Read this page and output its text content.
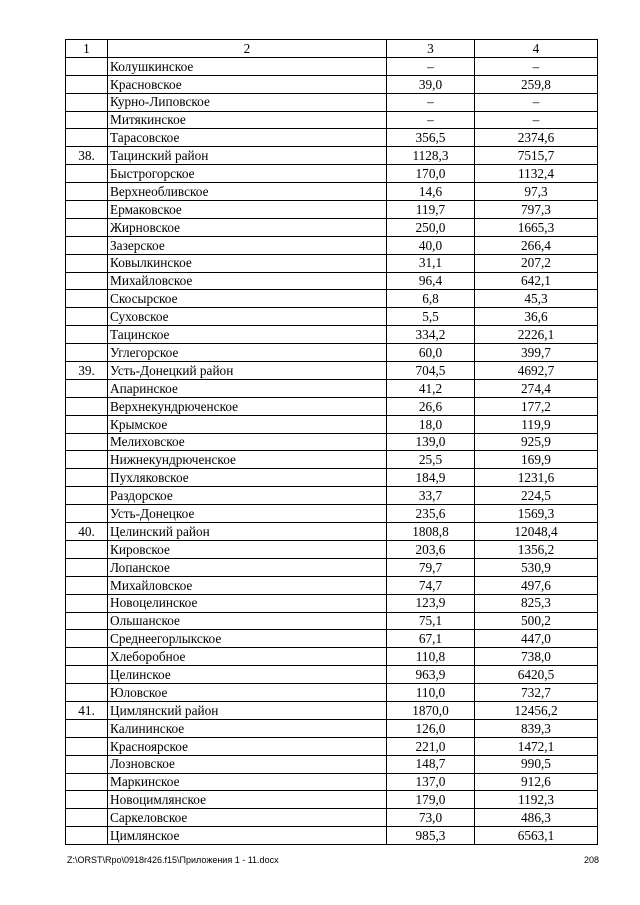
1	2	3	4
	Колушкинское	–	–
	Красновское	39,0	259,8
	Курно-Липовское	–	–
	Митякинское	–	–
	Тарасовское	356,5	2374,6
38.	Тацинский район	1128,3	7515,7
	Быстрогорское	170,0	1132,4
	Верхнеобливское	14,6	97,3
	Ермаковское	119,7	797,3
	Жирновское	250,0	1665,3
	Зазерское	40,0	266,4
	Ковылкинское	31,1	207,2
	Михайловское	96,4	642,1
	Скосырское	6,8	45,3
	Суховское	5,5	36,6
	Тацинское	334,2	2226,1
	Углегорское	60,0	399,7
39.	Усть-Донецкий район	704,5	4692,7
	Апаринское	41,2	274,4
	Верхнекундрюченское	26,6	177,2
	Крымское	18,0	119,9
	Мелиховское	139,0	925,9
	Нижнекундрюченское	25,5	169,9
	Пухляковское	184,9	1231,6
	Раздорское	33,7	224,5
	Усть-Донецкое	235,6	1569,3
40.	Целинский район	1808,8	12048,4
	Кировское	203,6	1356,2
	Лопанское	79,7	530,9
	Михайловское	74,7	497,6
	Новоцелинское	123,9	825,3
	Ольшанское	75,1	500,2
	Среднеегорлыкское	67,1	447,0
	Хлеборобное	110,8	738,0
	Целинское	963,9	6420,5
	Юловское	110,0	732,7
41.	Цимлянский район	1870,0	12456,2
	Калининское	126,0	839,3
	Красноярское	221,0	1472,1
	Лозновское	148,7	990,5
	Маркинское	137,0	912,6
	Новоцимлянское	179,0	1192,3
	Саркеловское	73,0	486,3
	Цимлянское	985,3	6563,1
Z:\ORST\Rpo\0918r426.f15\Приложения 1 - 11.docx	208
